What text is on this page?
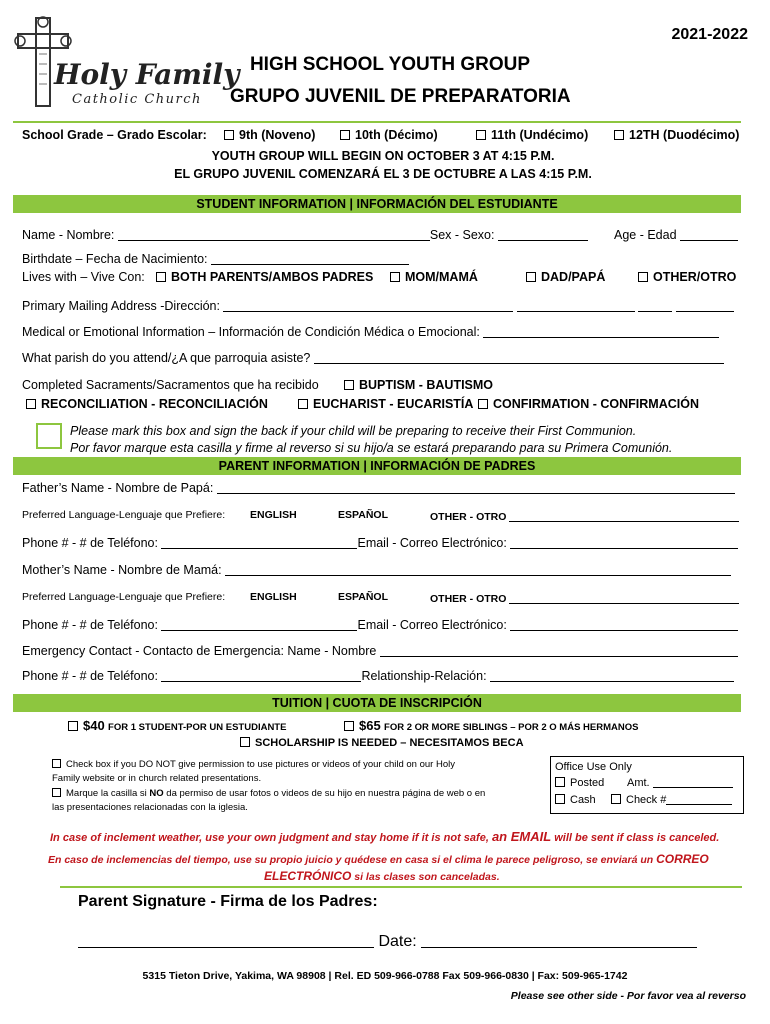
Holy Family
Catholic Church
2021-2022
HIGH SCHOOL YOUTH GROUP
GRUPO JUVENIL DE PREPARATORIA
School Grade – Grado Escolar:	9th (Noveno)	10th (Décimo)	11th (Undécimo)	12TH (Duodécimo)
YOUTH GROUP WILL BEGIN ON OCTOBER 3 AT 4:15 P.M.
EL GRUPO JUVENIL COMENZARÁ EL 3 DE OCTUBRE A LAS 4:15 P.M.
STUDENT INFORMATION | INFORMACIÓN DEL ESTUDIANTE
Name - Nombre:	Sex - Sexo:	Age - Edad
Birthdate – Fecha de Nacimiento:
Lives with – Vive Con:	BOTH PARENTS/AMBOS PADRES	MOM/MAMÁ	DAD/PAPÁ	OTHER/OTRO
Primary Mailing Address -Dirección:
Medical or Emotional Information – Información de Condición Médica o Emocional:
What parish do you attend/¿A que parroquia asiste?
Completed Sacraments/Sacramentos que ha recibido	BUPTISM - BAUTISMO
RECONCILIATION - RECONCILIACIÓN	EUCHARIST - EUCARISTÍA	CONFIRMATION - CONFIRMACIÓN
Please mark this box and sign the back if your child will be preparing to receive their First Communion.
Por favor marque esta casilla y firme al reverso si su hijo/a se estará preparando para su Primera Comunión.
PARENT INFORMATION | INFORMACIÓN DE PADRES
Father’s Name - Nombre de Papá:
Preferred Language-Lenguaje que Prefiere: ENGLISH	ESPAÑOL	OTHER - OTRO
Phone # - # de Teléfono:	Email - Correo Electrónico:
Mother’s Name - Nombre de Mamá:
Preferred Language-Lenguaje que Prefiere: ENGLISH	ESPAÑOL	OTHER - OTRO
Phone # - # de Teléfono:	Email - Correo Electrónico:
Emergency Contact - Contacto de Emergencia: Name - Nombre
Phone # - # de Teléfono:	Relationship-Relación:
TUITION | CUOTA DE INSCRIPCIÓN
$40 FOR 1 STUDENT-POR UN ESTUDIANTE	$65 FOR 2 OR MORE SIBLINGS – POR 2 O MÁS HERMANOS
SCHOLARSHIP IS NEEDED – NECESITAMOS BECA
Check box if you DO NOT give permission to use pictures or videos of your child on our Holy
Family website or in church related presentations.
Marque la casilla si NO da permiso de usar fotos o videos de su hijo en nuestra página de web o en
las presentaciones relacionadas con la iglesia.
Office Use Only
Posted Amt.
Cash	Check #
In case of inclement weather, use your own judgment and stay home if it is not safe, an EMAIL will be sent if class is canceled.
En caso de inclemencias del tiempo, use su propio juicio y quédese en casa si el clima le parece peligroso, se enviará un CORREO
ELECTRÓNICO si las clases son canceladas.
Parent Signature - Firma de los Padres:
Date:
5315 Tieton Drive, Yakima, WA 98908 | Rel. ED 509-966-0788 Fax 509-966-0830 | Fax: 509-965-1742
Please see other side - Por favor vea al reverso
